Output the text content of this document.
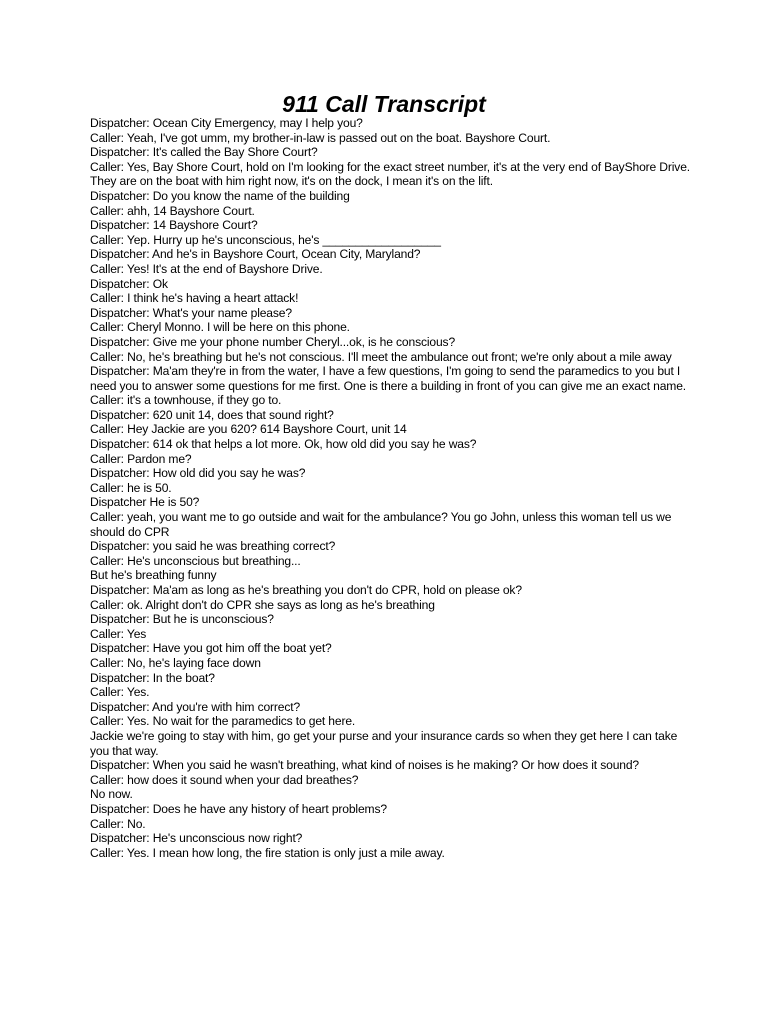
911 Call Transcript
Dispatcher: Ocean City Emergency, may I help you?
Caller: Yeah, I've got umm, my brother-in-law is passed out on the boat. Bayshore Court.
Dispatcher: It's called the Bay Shore Court?
Caller: Yes, Bay Shore Court, hold on I'm looking for the exact street number, it's at the very end of BayShore Drive. They are on the boat with him right now, it's on the dock, I mean it's on the lift.
Dispatcher: Do you know the name of the building
Caller: ahh, 14 Bayshore Court.
Dispatcher: 14 Bayshore Court?
Caller: Yep. Hurry up he's unconscious, he's __________________
Dispatcher: And he's in Bayshore Court, Ocean City, Maryland?
Caller: Yes! It's at the end of Bayshore Drive.
Dispatcher: Ok
Caller: I think he's having a heart attack!
Dispatcher: What's your name please?
Caller: Cheryl Monno. I will be here on this phone.
Dispatcher: Give me your phone number Cheryl...ok, is he conscious?
Caller: No, he's breathing but he's not conscious. I'll meet the ambulance out front; we're only about a mile away
Dispatcher: Ma'am they're in from the water, I have a few questions, I'm going to send the paramedics to you but I need you to answer some questions for me first. One is there a building in front of you can give me an exact name.
Caller: it's a townhouse, if they go to.
Dispatcher: 620 unit 14, does that sound right?
Caller: Hey Jackie are you 620? 614 Bayshore Court, unit 14
Dispatcher: 614 ok that helps a lot more. Ok, how old did you say he was?
Caller: Pardon me?
Dispatcher: How old did you say he was?
Caller: he is 50.
Dispatcher He is 50?
Caller: yeah, you want me to go outside and wait for the ambulance? You go John, unless this woman tell us we should do CPR
Dispatcher: you said he was breathing correct?
Caller: He's unconscious but breathing...
But he's breathing funny
Dispatcher: Ma'am as long as he's breathing you don't do CPR, hold on please ok?
Caller: ok. Alright don't do CPR she says as long as he's breathing
Dispatcher: But he is unconscious?
Caller: Yes
Dispatcher: Have you got him off the boat yet?
Caller: No, he's laying face down
Dispatcher: In the boat?
Caller: Yes.
Dispatcher: And you're with him correct?
Caller: Yes. No wait for the paramedics to get here.
Jackie we're going to stay with him, go get your purse and your insurance cards so when they get here I can take you that way.
Dispatcher: When you said he wasn't breathing, what kind of noises is he making? Or how does it sound?
Caller: how does it sound when your dad breathes?
No now.
Dispatcher: Does he have any history of heart problems?
Caller: No.
Dispatcher: He's unconscious now right?
Caller: Yes. I mean how long, the fire station is only just a mile away.
